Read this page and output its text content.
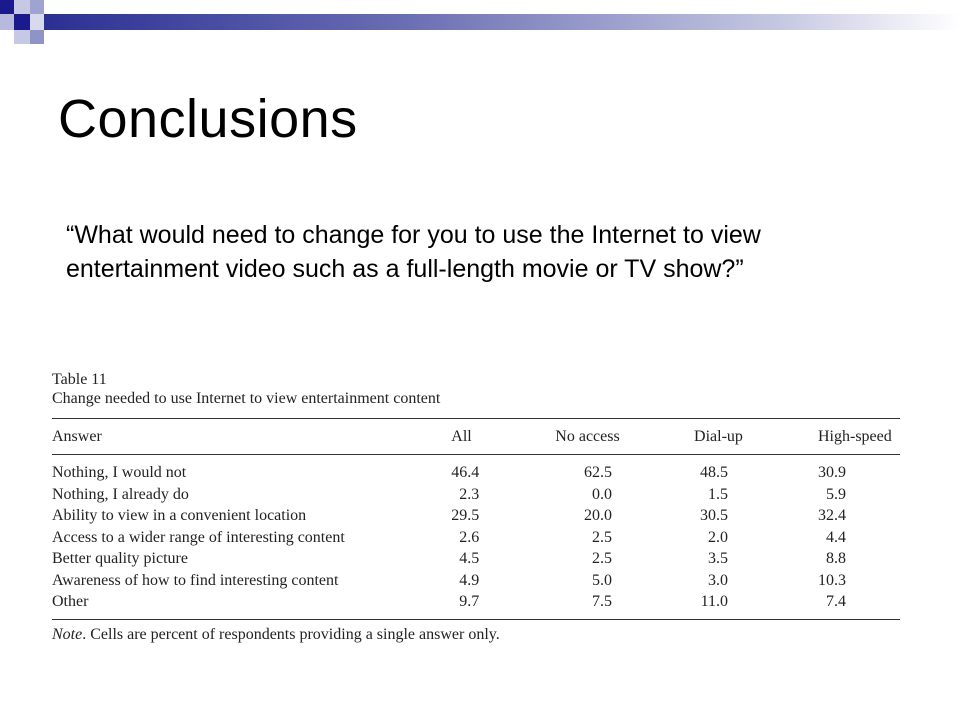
Conclusions
“What would need to change for you to use the Internet to view entertainment video such as a full-length movie or TV show?”
Table 11
Change needed to use Internet to view entertainment content
Answer	All	No access	Dial-up	High-speed
Nothing, I would not	46.4	62.5	48.5	30.9
Nothing, I already do	2.3	0.0	1.5	5.9
Ability to view in a convenient location	29.5	20.0	30.5	32.4
Access to a wider range of interesting content	2.6	2.5	2.0	4.4
Better quality picture	4.5	2.5	3.5	8.8
Awareness of how to find interesting content	4.9	5.0	3.0	10.3
Other	9.7	7.5	11.0	7.4
Note. Cells are percent of respondents providing a single answer only.
